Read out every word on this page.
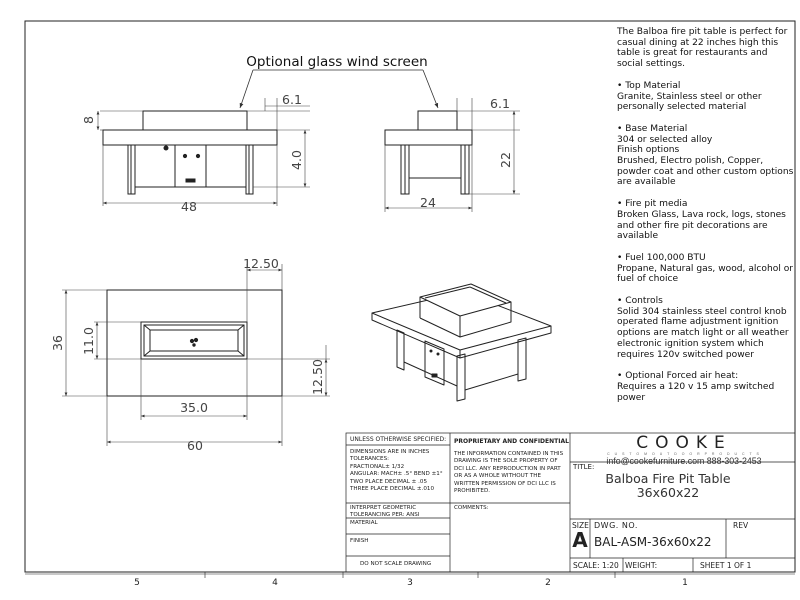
48
6.1
8
4.0
Optional glass wind screen
24
6.1
22
60
36 11.0
35.0
12.50
12.50
5	4	3	2	1
The Balboa fire pit table is perfect for casual dining at 22 inches high this table is great for restaurants and social settings.
• Top Material
Granite, Stainless steel or other personally selected material
• Base Material
304 or selected alloy
Finish options
Brushed, Electro polish, Copper, powder coat and other custom options are available
• Fire pit media
Broken Glass, Lava rock, logs, stones and other fire pit decorations are available
• Fuel 100,000 BTU
Propane, Natural gas, wood, alcohol or fuel of choice
• Controls
Solid 304 stainless steel control knob operated flame adjustment ignition options are match light or all weather electronic ignition system which requires 120v switched power
• Optional Forced air heat:
Requires a 120 v 15 amp switched power
UNLESS OTHERWISE SPECIFIED:
DIMENSIONS ARE IN INCHES
TOLERANCES:
FRACTIONAL± 1/32
ANGULAR: MACH± .5° BEND ±1°
TWO PLACE DECIMAL ± .05
THREE PLACE DECIMAL ±.010
INTERPRET GEOMETRIC
TOLERANCING PER: ANSI
MATERIAL
FINISH
DO NOT SCALE DRAWING
PROPRIETARY AND CONFIDENTIAL
THE INFORMATION CONTAINED IN THIS DRAWING IS THE SOLE PROPERTY OF DCI LLC. ANY REPRODUCTION IN PART OR AS A WHOLE WITHOUT THE WRITTEN PERMISSION OF DCI LLC IS PROHIBITED.
COMMENTS:
COOKE
C U S T O M O U T D O O R P R O D U C T S
info@cookefurniture.com 888-303-2453
TITLE:
Balboa Fire Pit Table
36x60x22
SIZE
A
DWG. NO.
BAL-ASM-36x60x22
REV
SCALE: 1:20 WEIGHT:	SHEET 1 OF 1
